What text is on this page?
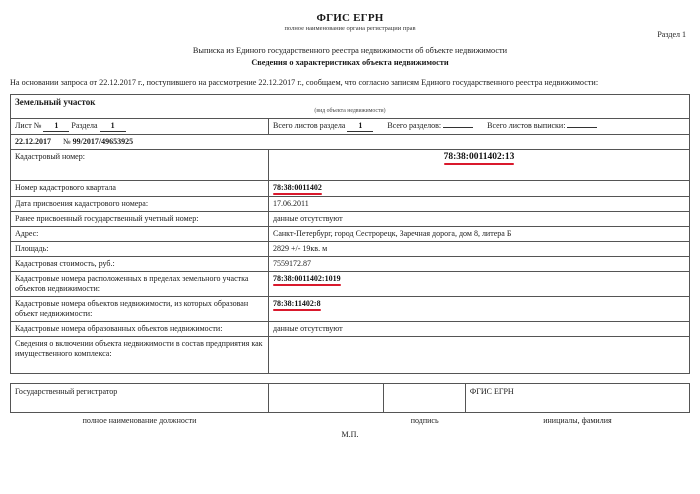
Раздел 1
ФГИС ЕГРН
полное наименование органа регистрации прав
Выписка из Единого государственного реестра недвижимости об объекте недвижимости
Сведения о характеристиках объекта недвижимости
На основании запроса от 22.12.2017 г., поступившего на рассмотрение 22.12.2017 г., сообщаем, что согласно записям Единого государственного реестра недвижимости:
Земельный участок	

(вид объекта недвижимости)	

Лист № 1 Раздела 1	Всего листов раздела 1 Всего разделов: Всего листов выписки:
22.12.2017 № 99/2017/49653925	
Кадастровый номер:	78:38:0011402:13
Номер кадастрового квартала	78:38:0011402
Дата присвоения кадастрового номера:	17.06.2011
Ранее присвоенный государственный учетный номер:	данные отсутствуют
Адрес:	Санкт-Петербург, город Сестрорецк, Заречная дорога, дом 8, литера Б
Площадь:	2829 +/- 19кв. м
Кадастровая стоимость, руб.:	7559172.87
Кадастровые номера расположенных в пределах земельного участка объектов недвижимости:	78:38:0011402:1019
Кадастровые номера объектов недвижимости, из которых образован объект недвижимости:	78:38:11402:8
Кадастровые номера образованных объектов недвижимости:	данные отсутствуют
Сведения о включении объекта недвижимости в состав предприятия как имущественного комплекса:	
Государственный регистратор			ФГИС ЕГРН
полное наименование должности		подпись	инициалы, фамилия
М.П.
